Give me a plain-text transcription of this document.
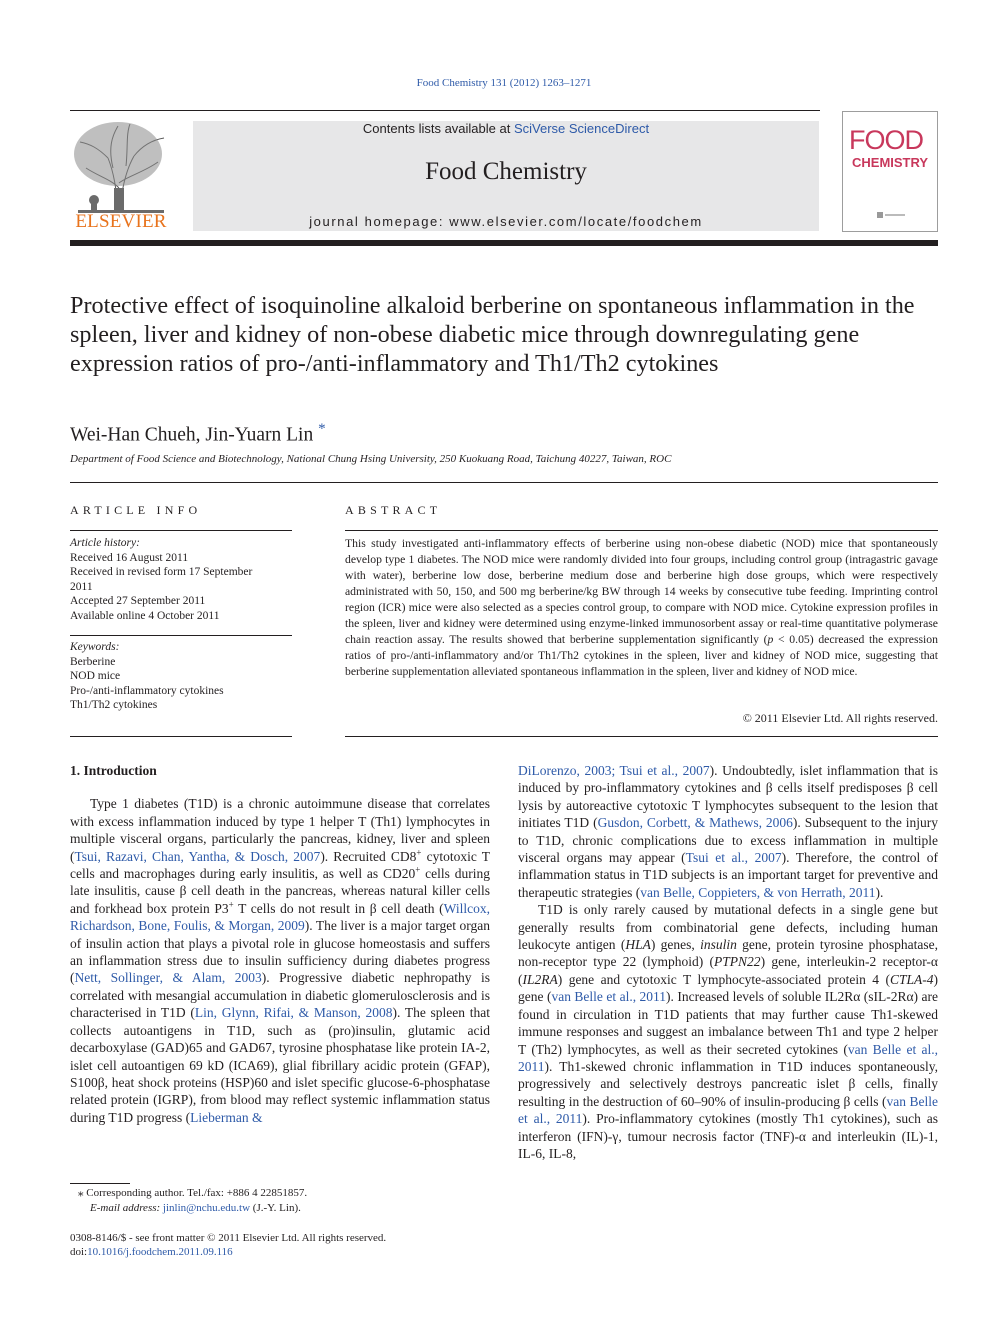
Food Chemistry 131 (2012) 1263–1271
ELSEVIER
Contents lists available at SciVerse ScienceDirect
Food Chemistry
journal homepage: www.elsevier.com/locate/foodchem
FOOD
CHEMISTRY
Protective effect of isoquinoline alkaloid berberine on spontaneous inflammation in the spleen, liver and kidney of non-obese diabetic mice through downregulating gene expression ratios of pro-/anti-inflammatory and Th1/Th2 cytokines
Wei-Han Chueh, Jin-Yuarn Lin *
Department of Food Science and Biotechnology, National Chung Hsing University, 250 Kuokuang Road, Taichung 40227, Taiwan, ROC
ARTICLE INFO	ABSTRACT
Article history:
Received 16 August 2011
Received in revised form 17 September
2011
Accepted 27 September 2011
Available online 4 October 2011
Keywords:
Berberine
NOD mice
Pro-/anti-inflammatory cytokines
Th1/Th2 cytokines
This study investigated anti-inflammatory effects of berberine using non-obese diabetic (NOD) mice that spontaneously develop type 1 diabetes. The NOD mice were randomly divided into four groups, including control group (intragastric gavage with water), berberine low dose, berberine medium dose and berberine high dose groups, which were respectively administrated with 50, 150, and 500 mg berberine/kg BW through 14 weeks by consecutive tube feeding. Imprinting control region (ICR) mice were also selected as a species control group, to compare with NOD mice. Cytokine expression profiles in the spleen, liver and kidney were determined using enzyme-linked immunosorbent assay or real-time quantitative polymerase chain reaction assay. The results showed that berberine supplementation significantly (p < 0.05) decreased the expression ratios of pro-/anti-inflammatory and/or Th1/Th2 cytokines in the spleen, liver and kidney of NOD mice, suggesting that berberine supplementation alleviated spontaneous inflammation in the spleen, liver and kidney of NOD mice.
© 2011 Elsevier Ltd. All rights reserved.
1. Introduction

Type 1 diabetes (T1D) is a chronic autoimmune disease that correlates with excess inflammation induced by type 1 helper T (Th1) lymphocytes in multiple visceral organs, particularly the pancreas, kidney, liver and spleen (Tsui, Razavi, Chan, Yantha, & Dosch, 2007). Recruited CD8+ cytotoxic T cells and macrophages during early insulitis, as well as CD20+ cells during late insulitis, cause β cell death in the pancreas, whereas natural killer cells and forkhead box protein P3+ T cells do not result in β cell death (Willcox, Richardson, Bone, Foulis, & Morgan, 2009). The liver is a major target organ of insulin action that plays a pivotal role in glucose homeostasis and suffers an inflammation stress due to insulin sufficiency during diabetes progress (Nett, Sollinger, & Alam, 2003). Progressive diabetic nephropathy is correlated with mesangial accumulation in diabetic glomerulosclerosis and is characterised in T1D (Lin, Glynn, Rifai, & Manson, 2008). The spleen that collects autoantigens in T1D, such as (pro)insulin, glutamic acid decarboxylase (GAD)65 and GAD67, tyrosine phosphatase like protein IA-2, islet cell autoantigen 69 kD (ICA69), glial fibrillary acidic protein (GFAP), S100β, heat shock proteins (HSP)60 and islet specific glucose-6-phosphatase related protein (IGRP), from blood may reflect systemic inflammation status during T1D progress (Lieberman &

DiLorenzo, 2003; Tsui et al., 2007). Undoubtedly, islet inflammation that is induced by pro-inflammatory cytokines and β cells itself predisposes β cell lysis by autoreactive cytotoxic T lymphocytes subsequent to the lesion that initiates T1D (Gusdon, Corbett, & Mathews, 2006). Subsequent to the injury to T1D, chronic complications due to excess inflammation in multiple visceral organs may appear (Tsui et al., 2007). Therefore, the control of inflammation status in T1D subjects is an important target for preventive and therapeutic strategies (van Belle, Coppieters, & von Herrath, 2011).

T1D is only rarely caused by mutational defects in a single gene but generally results from combinatorial gene defects, including human leukocyte antigen (HLA) genes, insulin gene, protein tyrosine phosphatase, non-receptor type 22 (lymphoid) (PTPN22) gene, interleukin-2 receptor-α (IL2RA) gene and cytotoxic T lymphocyte-associated protein 4 (CTLA-4) gene (van Belle et al., 2011). Increased levels of soluble IL2Rα (sIL-2Rα) are found in circulation in T1D patients that may further cause Th1-skewed immune responses and suggest an imbalance between Th1 and type 2 helper T (Th2) lymphocytes, as well as their secreted cytokines (van Belle et al., 2011). Th1-skewed chronic inflammation in T1D induces spontaneously, progressively and selectively destroys pancreatic islet β cells, finally resulting in the destruction of 60–90% of insulin-producing β cells (van Belle et al., 2011). Pro-inflammatory cytokines (mostly Th1 cytokines), such as interferon (IFN)-γ, tumour necrosis factor (TNF)-α and interleukin (IL)-1, IL-6, IL-8,

⁎ Corresponding author. Tel./fax: +886 4 22851857.
E-mail address: jinlin@nchu.edu.tw (J.-Y. Lin).
0308-8146/$ - see front matter © 2011 Elsevier Ltd. All rights reserved.
doi:10.1016/j.foodchem.2011.09.116
